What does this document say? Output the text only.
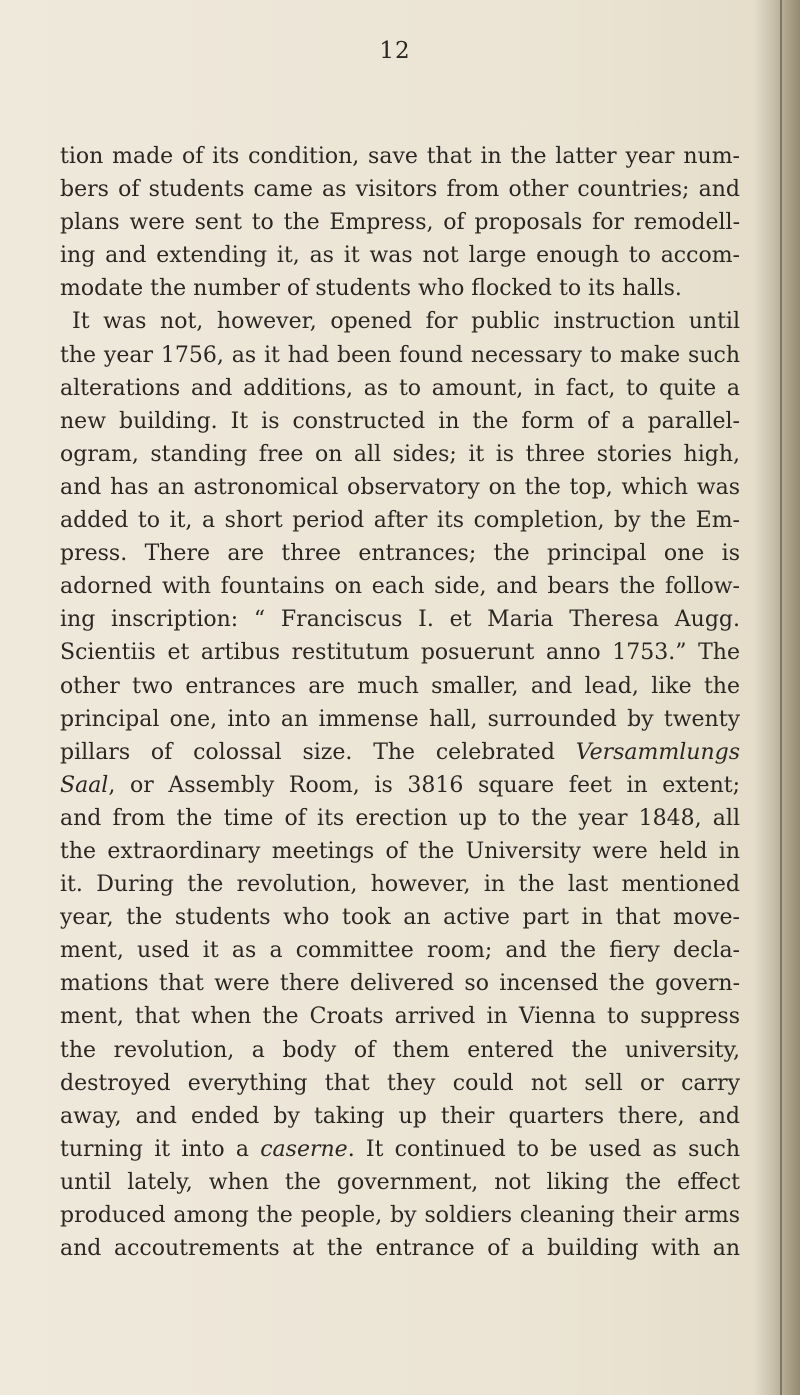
12
tion made of its condition, save that in the latter year num-
bers of students came as visitors from other countries; and
plans were sent to the Empress, of proposals for remodell-
ing and extending it, as it was not large enough to accom-
modate the number of students who flocked to its halls.
It was not, however, opened for public instruction until
the year 1756, as it had been found necessary to make such
alterations and additions, as to amount, in fact, to quite a
new building. It is constructed in the form of a parallel-
ogram, standing free on all sides; it is three stories high,
and has an astronomical observatory on the top, which was
added to it, a short period after its completion, by the Em-
press. There are three entrances; the principal one is
adorned with fountains on each side, and bears the follow-
ing inscription: “ Franciscus I. et Maria Theresa Augg.
Scientiis et artibus restitutum posuerunt anno 1753.” The
other two entrances are much smaller, and lead, like the
principal one, into an immense hall, surrounded by twenty
pillars of colossal size. The celebrated Versammlungs
Saal, or Assembly Room, is 3816 square feet in extent;
and from the time of its erection up to the year 1848, all
the extraordinary meetings of the University were held in
it. During the revolution, however, in the last mentioned
year, the students who took an active part in that move-
ment, used it as a committee room; and the fiery decla-
mations that were there delivered so incensed the govern-
ment, that when the Croats arrived in Vienna to suppress
the revolution, a body of them entered the university,
destroyed everything that they could not sell or carry
away, and ended by taking up their quarters there, and
turning it into a caserne. It continued to be used as such
until lately, when the government, not liking the effect
produced among the people, by soldiers cleaning their arms
and accoutrements at the entrance of a building with an
